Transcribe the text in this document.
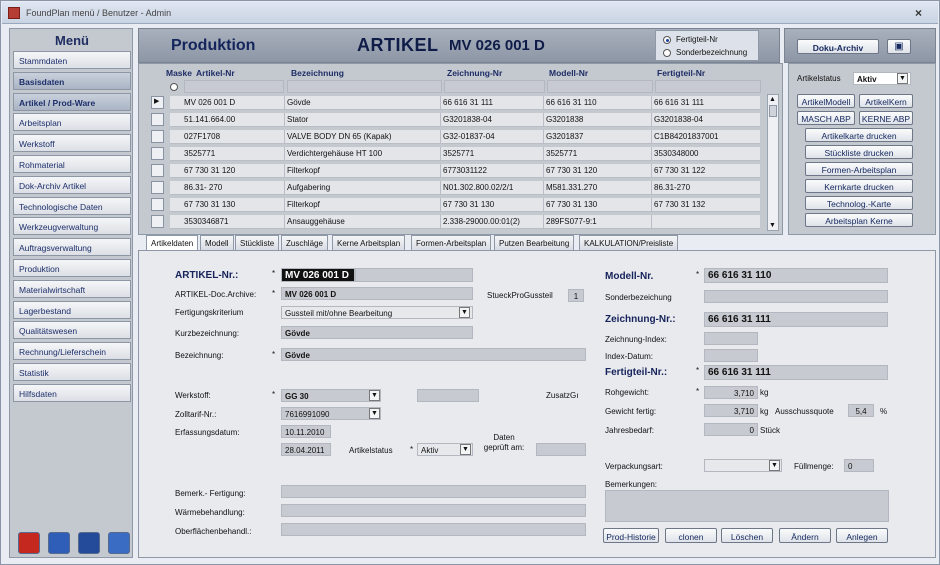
FoundPlan menü / Benutzer - Admin	×
Menü
Stammdaten
Basisdaten
Artikel / Prod-Ware
Arbeitsplan
Werkstoff
Rohmaterial
Dok-Archiv Artikel
Technologische Daten
Werkzeugverwaltung
Auftragsverwaltung
Produktion
Materialwirtschaft
Lagerbestand
Qualitätswesen
Rechnung/Lieferschein
Statistik
Hilfsdaten
Produktion	ARTIKEL MV 026 001 D	Fertigteil-Nr
Sonderbezeichnung	Doku-Archiv	▣
Maske Artikel-Nr	Bezeichnung	Zeichnung-Nr	Modell-Nr	Fertigteil-Nr
▶	MV 026 001 D	Gövde	66 616 31 111	66 616 31 110	66 616 31 111
51.141.664.00	Stator	G3201838-04	G3201838	G3201838-04
027F1708	VALVE BODY DN 65 (Kapak)	G32-01837-04	G3201837	C1B84201837001
3525771	Verdichtergehäuse HT 100	3525771	3525771	3530348000
67 730 31 120	Filterkopf	6773031122	67 730 31 120	67 730 31 122
86.31- 270	Aufgabering	N01.302.800.02/2/1	M581.331.270	86.31-270
67 730 31 130	Filterkopf	67 730 31 130	67 730 31 130	67 730 31 132
3530346871	Ansauggehäuse	2.338-29000.00:01(2)	289FS077-9:1
▲
▼
Artikelstatus	Aktiv	▼
ArtikelModell	ArtikelKern
MASCH ABP	KERNE ABP
Artikelkarte drucken
Stückliste drucken
Formen-Arbeitsplan
Kernkarte drucken
Technolog.-Karte
Arbeitsplan Kerne
Artikeldaten	Modell	Stückliste	Zuschläge	Kerne Arbeitsplan	Formen-Arbeitsplan	Putzen Bearbeitung	KALKULATION/Preisliste
ARTIKEL-Nr.:	* MV 026 001 D
ARTIKEL-Doc.Archive: *	MV 026 001 D	StueckProGussteil	1
Fertigungskriterium	Gussteil mit/ohne Bearbeitung	▼
Kurzbezeichnung:	Gövde
Bezeichnung:	*	Gövde
Werkstoff:	*	GG 30	▼	ZusatzGı
Zolltarif-Nr.:	7616991090	▼
Erfassungsdatum:	10.11.2010
28.04.2011	Artikelstatus * Aktiv	▼
Daten geprüft am:
Bemerk.- Fertigung:
Wärmebehandlung:
Oberflächenbehandl.:
Modell-Nr.	* 66 616 31 110
Sonderbezeichung
Zeichnung-Nr.:	66 616 31 111
Zeichnung-Index:
Index-Datum:
Fertigteil-Nr.:	* 66 616 31 111
Rohgewicht:	*	3,710 kg
Gewicht fertig:	3,710 kg Ausschussquote	5,4	%
Jahresbedarf:	0 Stück
Verpackungsart:	▼ Füllmenge:	0
Bemerkungen:
Prod-Historie	clonen	Löschen	Ändern	Anlegen
